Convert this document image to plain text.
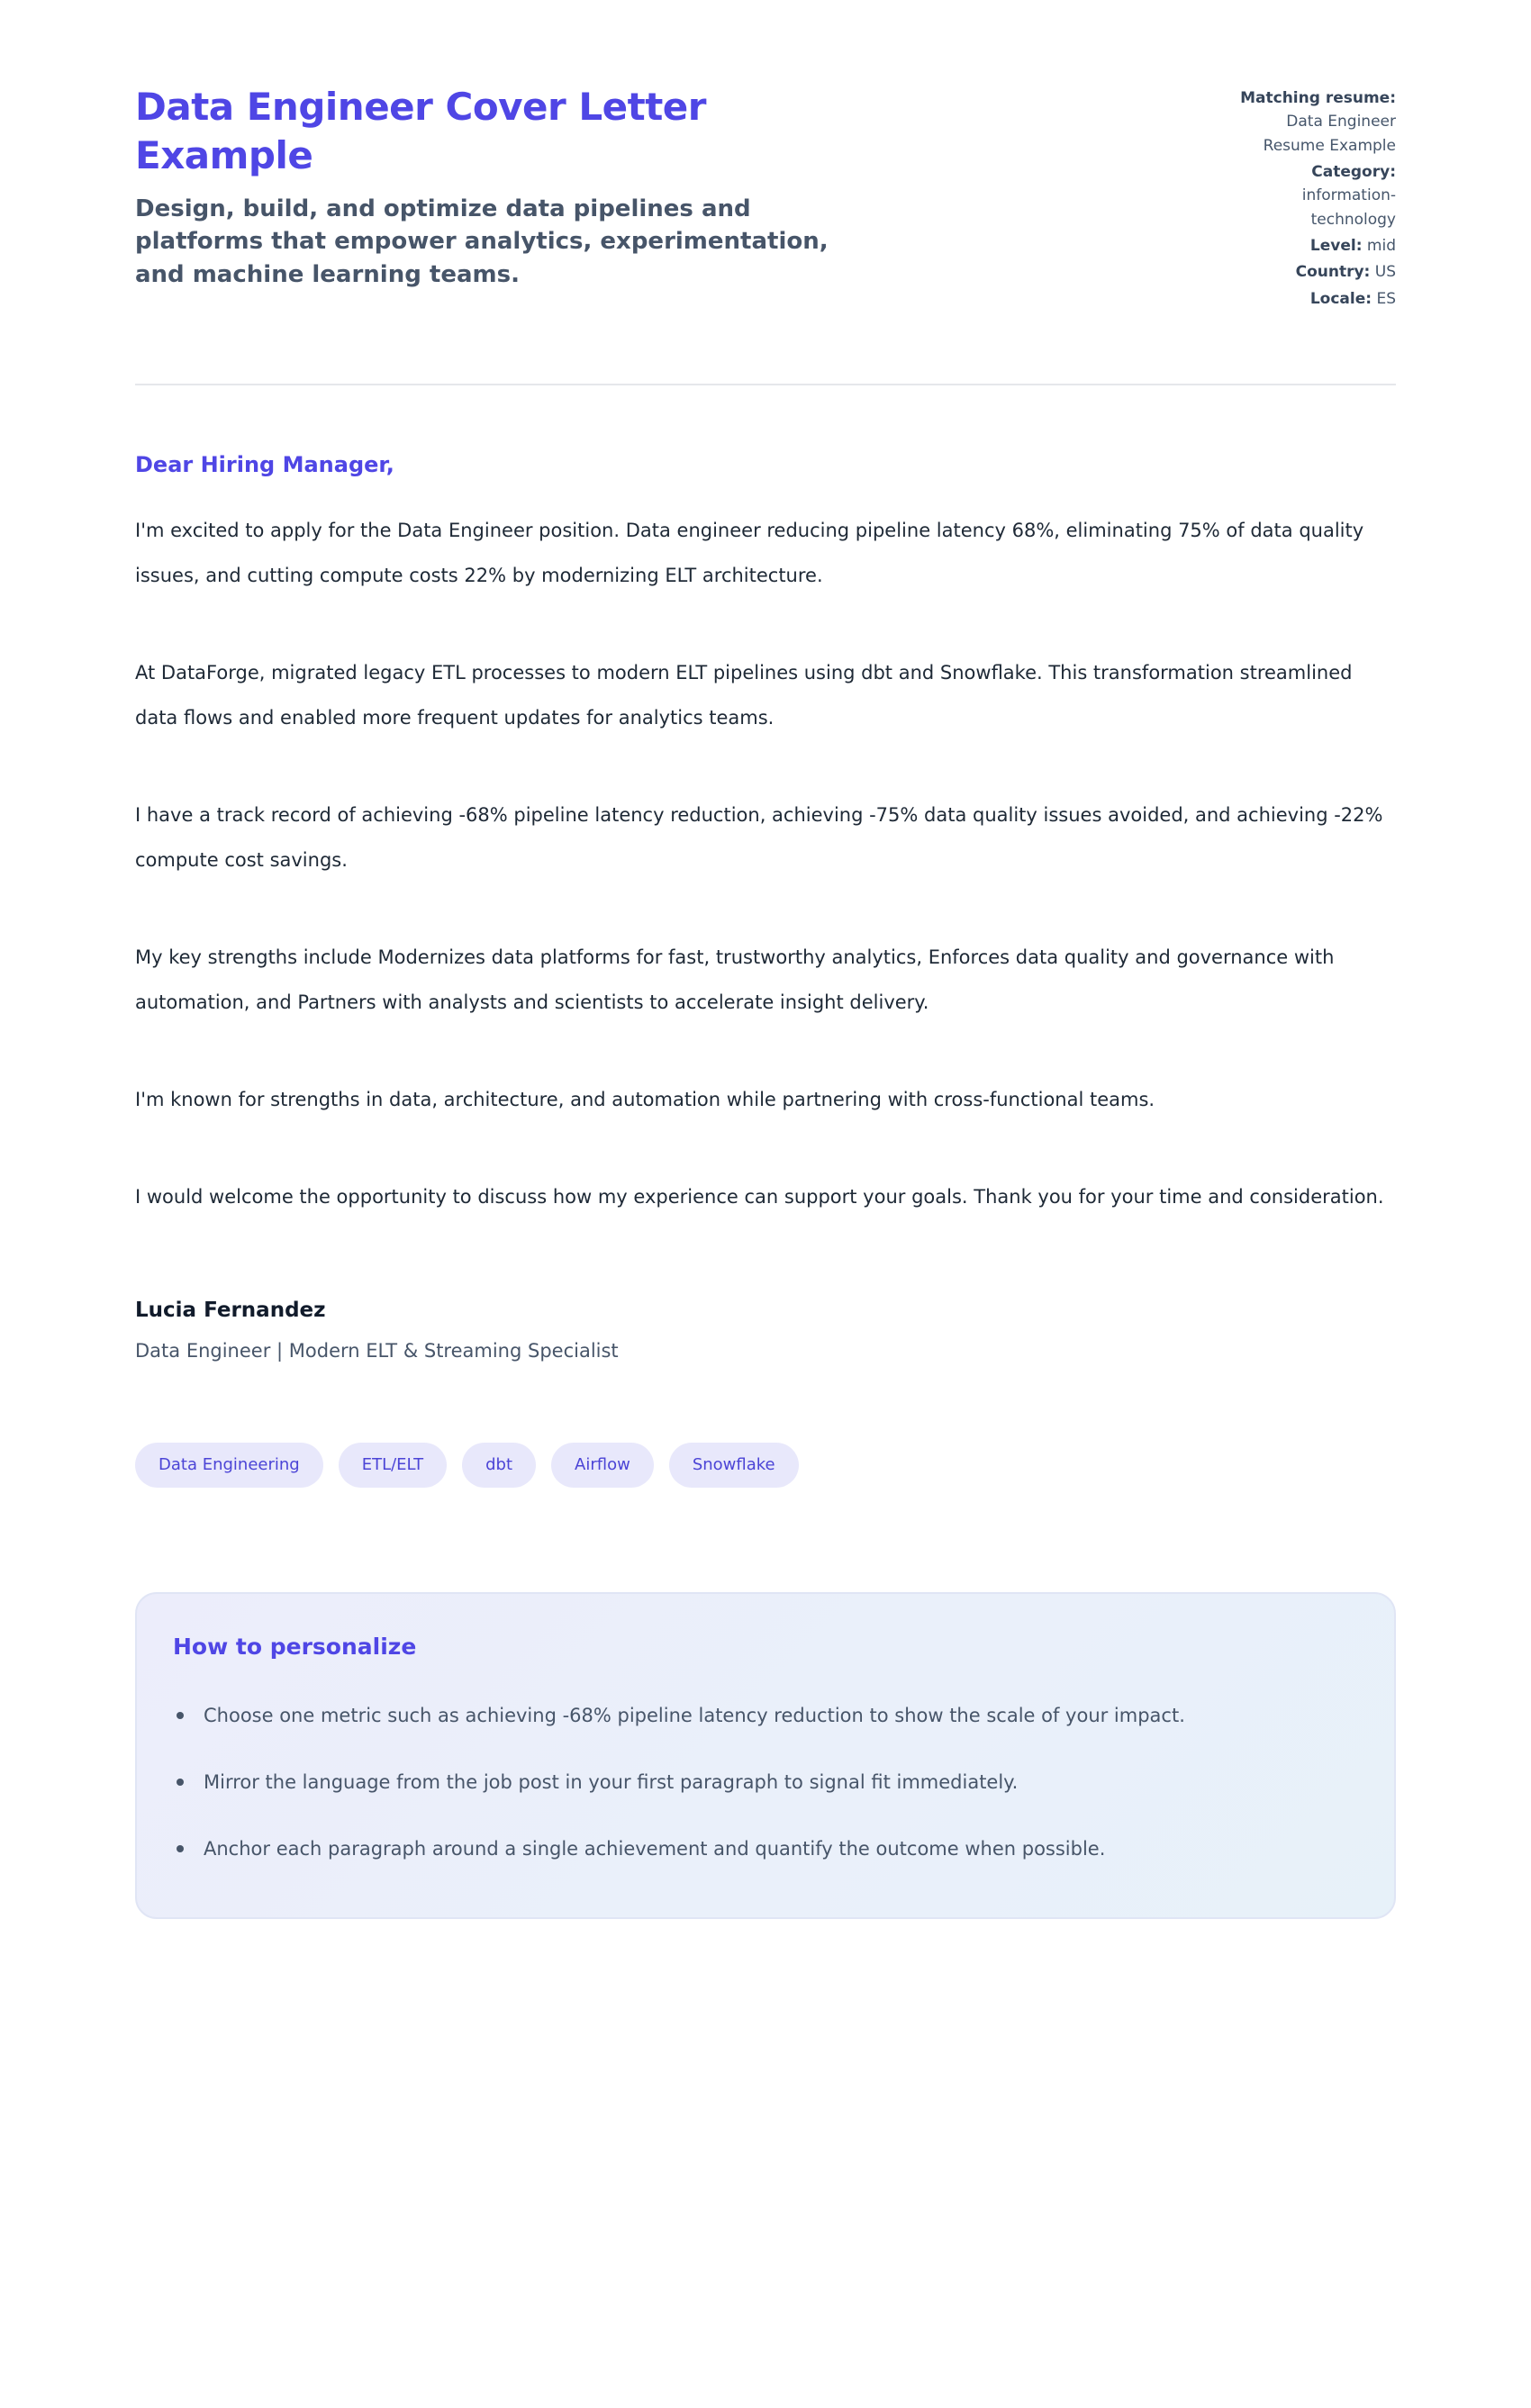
Data Engineer Cover Letter Example
Design, build, and optimize data pipelines and platforms that empower analytics, experimentation, and machine learning teams.
Matching resume: Data Engineer Resume Example
Category: information-technology
Level: mid
Country: US
Locale: ES
Dear Hiring Manager,

I'm excited to apply for the Data Engineer position. Data engineer reducing pipeline latency 68%, eliminating 75% of data quality issues, and cutting compute costs 22% by modernizing ELT architecture.

At DataForge, migrated legacy ETL processes to modern ELT pipelines using dbt and Snowflake. This transformation streamlined data flows and enabled more frequent updates for analytics teams.

I have a track record of achieving -68% pipeline latency reduction, achieving -75% data quality issues avoided, and achieving -22% compute cost savings.

My key strengths include Modernizes data platforms for fast, trustworthy analytics, Enforces data quality and governance with automation, and Partners with analysts and scientists to accelerate insight delivery.

I'm known for strengths in data, architecture, and automation while partnering with cross-functional teams.

I would welcome the opportunity to discuss how my experience can support your goals. Thank you for your time and consideration.

Lucia Fernandez
Data Engineer | Modern ELT & Streaming Specialist
Data Engineering	ETL/ELT	dbt	Airflow	Snowflake
How to personalize
Choose one metric such as achieving -68% pipeline latency reduction to show the scale of your impact.
Mirror the language from the job post in your first paragraph to signal fit immediately.
Anchor each paragraph around a single achievement and quantify the outcome when possible.
